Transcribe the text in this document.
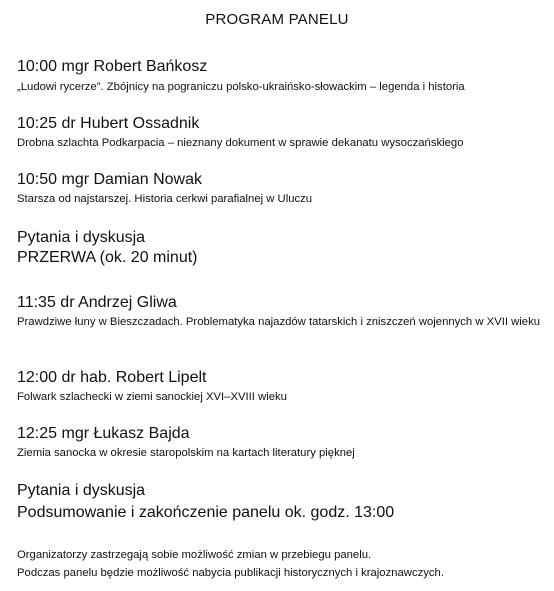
PROGRAM PANELU
10:00 mgr Robert Bańkosz
„Ludowi rycerze”. Zbójnicy na pograniczu polsko-ukraińsko-słowackim – legenda i historia
10:25 dr Hubert Ossadnik
Drobna szlachta Podkarpacia – nieznany dokument w sprawie dekanatu wysoczańskiego
10:50 mgr Damian Nowak
Starsza od najstarszej. Historia cerkwi parafialnej w Uluczu
Pytania i dyskusja
PRZERWA (ok. 20 minut)
11:35 dr Andrzej Gliwa
Prawdziwe łuny w Bieszczadach. Problematyka najazdów tatarskich i zniszczeń wojennych w XVII wieku
12:00 dr hab. Robert Lipelt
Folwark szlachecki w ziemi sanockiej XVI–XVIII wieku
12:25 mgr Łukasz Bajda
Ziemia sanocka w okresie staropolskim na kartach literatury pięknej
Pytania i dyskusja
Podsumowanie i zakończenie panelu ok. godz. 13:00
Organizatorzy zastrzegają sobie możliwość zmian w przebiegu panelu.
Podczas panelu będzie możliwość nabycia publikacji historycznych i krajoznawczych.
